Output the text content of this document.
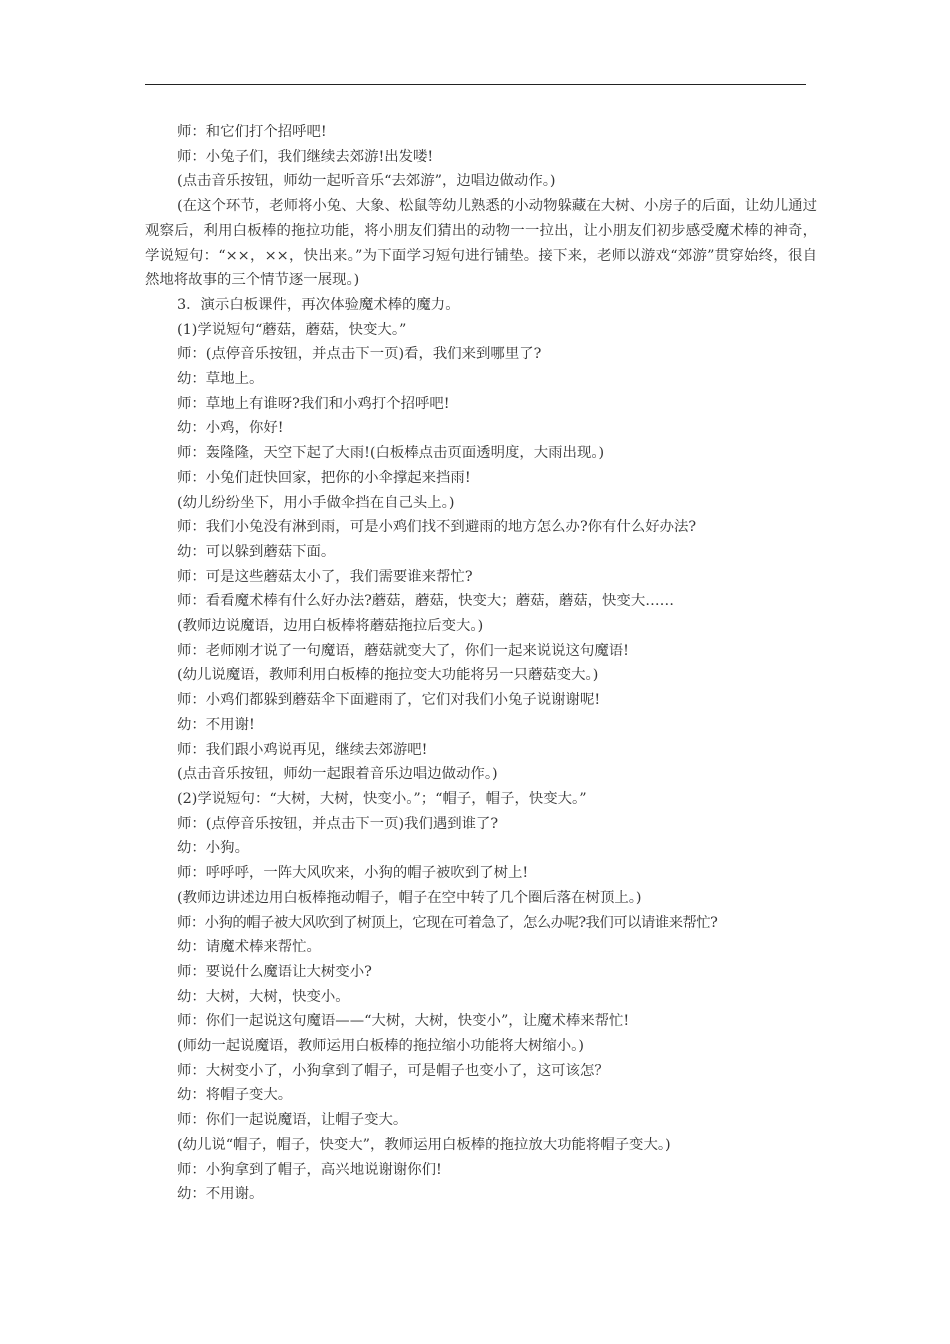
师：和它们打个招呼吧!

师：小兔子们，我们继续去郊游!出发喽!

(点击音乐按钮，师幼一起听音乐“去郊游”，边唱边做动作。)

(在这个环节，老师将小兔、大象、松鼠等幼儿熟悉的小动物躲藏在大树、小房子的后面，让幼儿通过观察后，利用白板棒的拖拉功能，将小朋友们猜出的动物一一拉出，让小朋友们初步感受魔术棒的神奇，学说短句：“××，××，快出来。”为下面学习短句进行铺垫。接下来，老师以游戏“郊游”贯穿始终，很自然地将故事的三个情节逐一展现。)

3．演示白板课件，再次体验魔术棒的魔力。

(1)学说短句“蘑菇，蘑菇，快变大。”

师：(点停音乐按钮，并点击下一页)看，我们来到哪里了?

幼：草地上。

师：草地上有谁呀?我们和小鸡打个招呼吧!

幼：小鸡，你好!

师：轰隆隆，天空下起了大雨!(白板棒点击页面透明度，大雨出现。)

师：小兔们赶快回家，把你的小伞撑起来挡雨!

(幼儿纷纷坐下，用小手做伞挡在自己头上。)

师：我们小兔没有淋到雨，可是小鸡们找不到避雨的地方怎么办?你有什么好办法?

幼：可以躲到蘑菇下面。

师：可是这些蘑菇太小了，我们需要谁来帮忙?

师：看看魔术棒有什么好办法?蘑菇，蘑菇，快变大；蘑菇，蘑菇，快变大……

(教师边说魔语，边用白板棒将蘑菇拖拉后变大。)

师：老师刚才说了一句魔语，蘑菇就变大了，你们一起来说说这句魔语!

(幼儿说魔语，教师利用白板棒的拖拉变大功能将另一只蘑菇变大。)

师：小鸡们都躲到蘑菇伞下面避雨了，它们对我们小兔子说谢谢呢!

幼：不用谢!

师：我们跟小鸡说再见，继续去郊游吧!

(点击音乐按钮，师幼一起跟着音乐边唱边做动作。)

(2)学说短句：“大树，大树，快变小。”；“帽子，帽子，快变大。”

师：(点停音乐按钮，并点击下一页)我们遇到谁了?

幼：小狗。

师：呼呼呼，一阵大风吹来，小狗的帽子被吹到了树上!

(教师边讲述边用白板棒拖动帽子，帽子在空中转了几个圈后落在树顶上。)

师：小狗的帽子被大风吹到了树顶上，它现在可着急了，怎么办呢?我们可以请谁来帮忙?

幼：请魔术棒来帮忙。

师：要说什么魔语让大树变小?

幼：大树，大树，快变小。

师：你们一起说这句魔语——“大树，大树，快变小”，让魔术棒来帮忙!

(师幼一起说魔语，教师运用白板棒的拖拉缩小功能将大树缩小。)

师：大树变小了，小狗拿到了帽子，可是帽子也变小了，这可该怎？

幼：将帽子变大。

师：你们一起说魔语，让帽子变大。

(幼儿说“帽子，帽子，快变大”，教师运用白板棒的拖拉放大功能将帽子变大。)

师：小狗拿到了帽子，高兴地说谢谢你们!

幼：不用谢。
